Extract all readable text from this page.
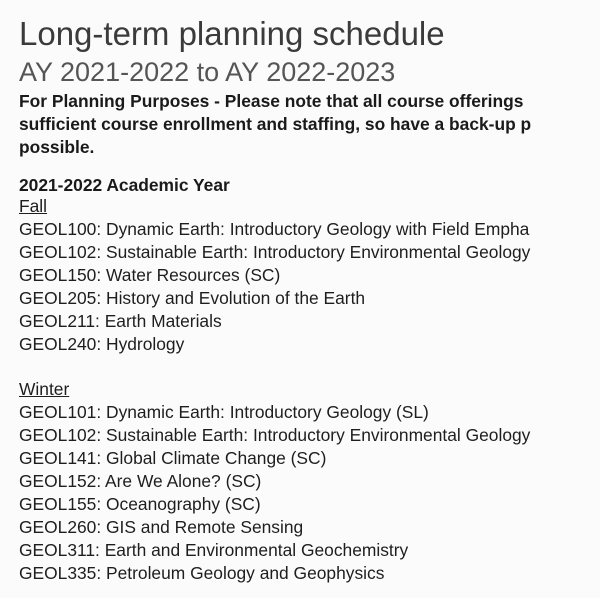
Long-term planning schedule
AY 2021-2022 to AY 2022-2023
For Planning Purposes - Please note that all course offerings
sufficient course enrollment and staffing, so have a back-up p
possible.
2021-2022 Academic Year
Fall
GEOL100: Dynamic Earth: Introductory Geology with Field Empha
GEOL102: Sustainable Earth: Introductory Environmental Geology
GEOL150: Water Resources (SC)
GEOL205: History and Evolution of the Earth
GEOL211: Earth Materials
GEOL240: Hydrology
Winter
GEOL101: Dynamic Earth: Introductory Geology (SL)
GEOL102: Sustainable Earth: Introductory Environmental Geology
GEOL141: Global Climate Change (SC)
GEOL152: Are We Alone? (SC)
GEOL155: Oceanography (SC)
GEOL260: GIS and Remote Sensing
GEOL311: Earth and Environmental Geochemistry
GEOL335: Petroleum Geology and Geophysics
